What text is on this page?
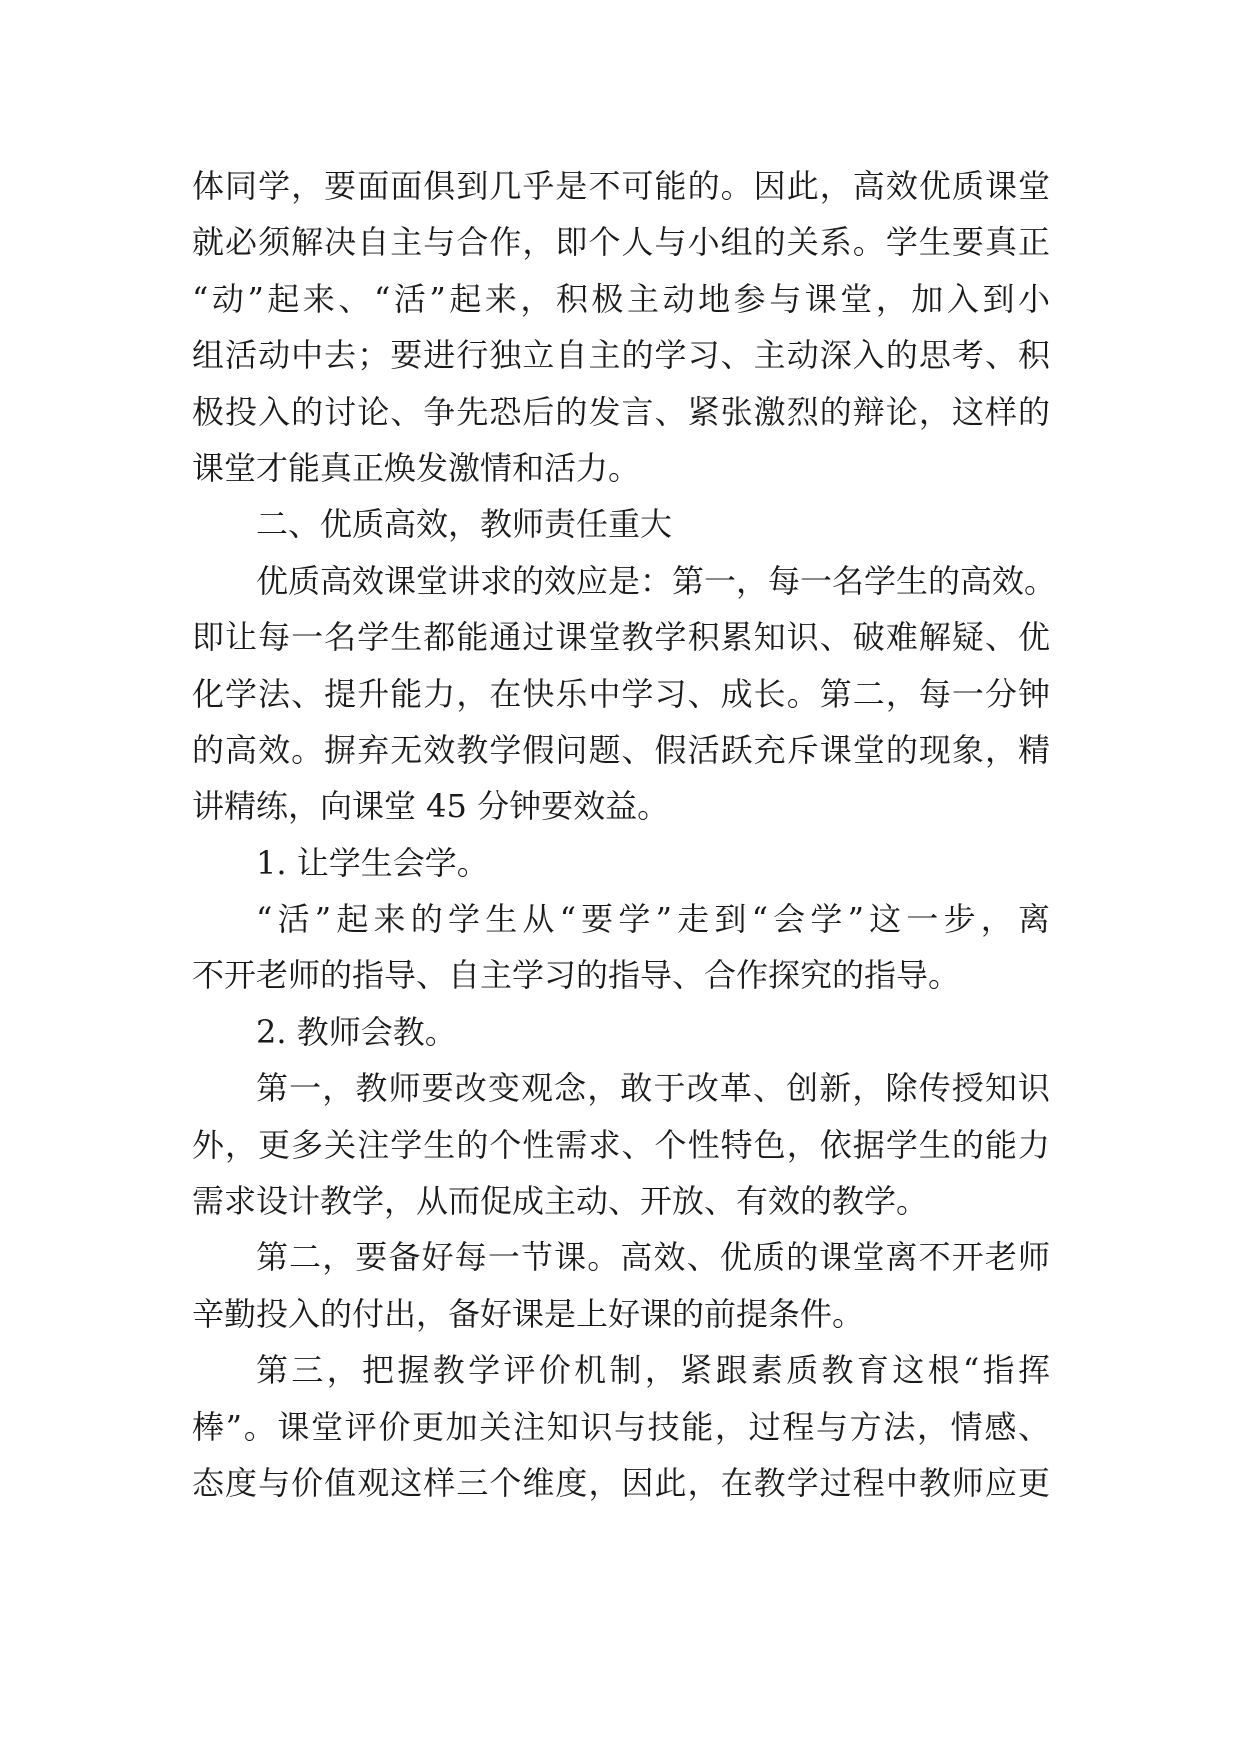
体同学，要面面俱到几乎是不可能的。因此，高效优质课堂
就必须解决自主与合作，即个人与小组的关系。学生要真正
“动”起来、“活”起来，积极主动地参与课堂，加入到小
组活动中去；要进行独立自主的学习、主动深入的思考、积
极投入的讨论、争先恐后的发言、紧张激烈的辩论，这样的
课堂才能真正焕发激情和活力。
二、优质高效，教师责任重大
优质高效课堂讲求的效应是：第一，每一名学生的高效。
即让每一名学生都能通过课堂教学积累知识、破难解疑、优
化学法、提升能力，在快乐中学习、成长。第二，每一分钟
的高效。摒弃无效教学假问题、假活跃充斥课堂的现象，精
讲精练，向课堂 45 分钟要效益。
1. 让学生会学。
“活”起来的学生从“要学”走到“会学”这一步，离
不开老师的指导、自主学习的指导、合作探究的指导。
2. 教师会教。
第一，教师要改变观念，敢于改革、创新，除传授知识
外，更多关注学生的个性需求、个性特色，依据学生的能力
需求设计教学，从而促成主动、开放、有效的教学。
第二，要备好每一节课。高效、优质的课堂离不开老师
辛勤投入的付出，备好课是上好课的前提条件。
第三，把握教学评价机制，紧跟素质教育这根“指挥
棒”。课堂评价更加关注知识与技能，过程与方法，情感、
态度与价值观这样三个维度，因此，在教学过程中教师应更
